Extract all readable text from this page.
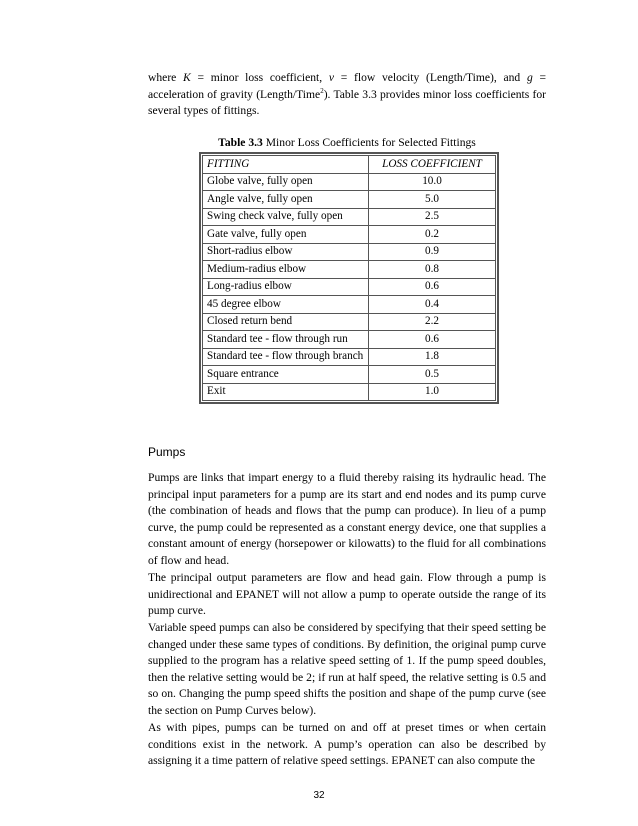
where K = minor loss coefficient, v = flow velocity (Length/Time), and g = acceleration of gravity (Length/Time$^2$). Table 3.3 provides minor loss coefficients for several types of fittings.
Table 3.3 Minor Loss Coefficients for Selected Fittings
FITTING	LOSS COEFFICIENT
Globe valve, fully open	10.0
Angle valve, fully open	5.0
Swing check valve, fully open	2.5
Gate valve, fully open	0.2
Short-radius elbow	0.9
Medium-radius elbow	0.8
Long-radius elbow	0.6
45 degree elbow	0.4
Closed return bend	2.2
Standard tee - flow through run	0.6
Standard tee - flow through branch	1.8
Square entrance	0.5
Exit	1.0
Pumps

Pumps are links that impart energy to a fluid thereby raising its hydraulic head. The principal input parameters for a pump are its start and end nodes and its pump curve (the combination of heads and flows that the pump can produce). In lieu of a pump curve, the pump could be represented as a constant energy device, one that supplies a constant amount of energy (horsepower or kilowatts) to the fluid for all combinations of flow and head.

The principal output parameters are flow and head gain. Flow through a pump is unidirectional and EPANET will not allow a pump to operate outside the range of its pump curve.

Variable speed pumps can also be considered by specifying that their speed setting be changed under these same types of conditions. By definition, the original pump curve supplied to the program has a relative speed setting of 1. If the pump speed doubles, then the relative setting would be 2; if run at half speed, the relative setting is 0.5 and so on. Changing the pump speed shifts the position and shape of the pump curve (see the section on Pump Curves below).

As with pipes, pumps can be turned on and off at preset times or when certain conditions exist in the network. A pump’s operation can also be described by assigning it a time pattern of relative speed settings. EPANET can also compute the

32
